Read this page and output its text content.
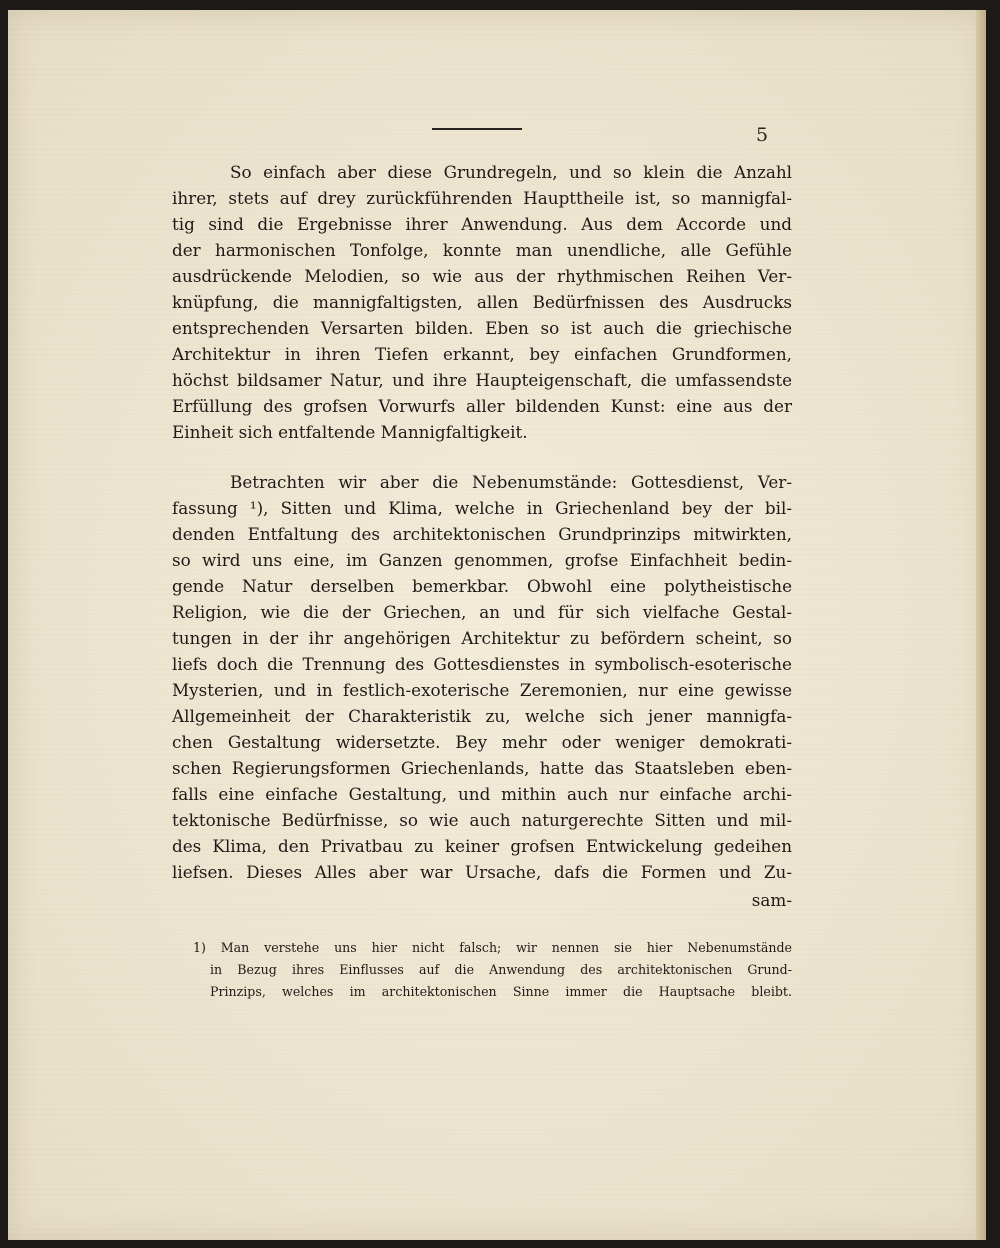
5
So einfach aber diese Grundregeln, und so klein die Anzahl
ihrer, stets auf drey zurückführenden Haupttheile ist, so mannigfal-
tig sind die Ergebnisse ihrer Anwendung. Aus dem Accorde und
der harmonischen Tonfolge, konnte man unendliche, alle Gefühle
ausdrückende Melodien, so wie aus der rhythmischen Reihen Ver-
knüpfung, die mannigfaltigsten, allen Bedürfnissen des Ausdrucks
entsprechenden Versarten bilden. Eben so ist auch die griechische
Architektur in ihren Tiefen erkannt, bey einfachen Grundformen,
höchst bildsamer Natur, und ihre Haupteigenschaft, die umfassendste
Erfüllung des grofsen Vorwurfs aller bildenden Kunst: eine aus der
Einheit sich entfaltende Mannigfaltigkeit.
Betrachten wir aber die Nebenumstände: Gottesdienst, Ver-
fassung ¹), Sitten und Klima, welche in Griechenland bey der bil-
denden Entfaltung des architektonischen Grundprinzips mitwirkten,
so wird uns eine, im Ganzen genommen, grofse Einfachheit bedin-
gende Natur derselben bemerkbar. Obwohl eine polytheistische
Religion, wie die der Griechen, an und für sich vielfache Gestal-
tungen in der ihr angehörigen Architektur zu befördern scheint, so
liefs doch die Trennung des Gottesdienstes in symbolisch-esoterische
Mysterien, und in festlich-exoterische Zeremonien, nur eine gewisse
Allgemeinheit der Charakteristik zu, welche sich jener mannigfa-
chen Gestaltung widersetzte. Bey mehr oder weniger demokrati-
schen Regierungsformen Griechenlands, hatte das Staatsleben eben-
falls eine einfache Gestaltung, und mithin auch nur einfache archi-
tektonische Bedürfnisse, so wie auch naturgerechte Sitten und mil-
des Klima, den Privatbau zu keiner grofsen Entwickelung gedeihen
liefsen. Dieses Alles aber war Ursache, dafs die Formen und Zu-
sam-
1) Man verstehe uns hier nicht falsch; wir nennen sie hier Nebenumstände
in Bezug ihres Einflusses auf die Anwendung des architektonischen Grund-
Prinzips, welches im architektonischen Sinne immer die Hauptsache bleibt.
